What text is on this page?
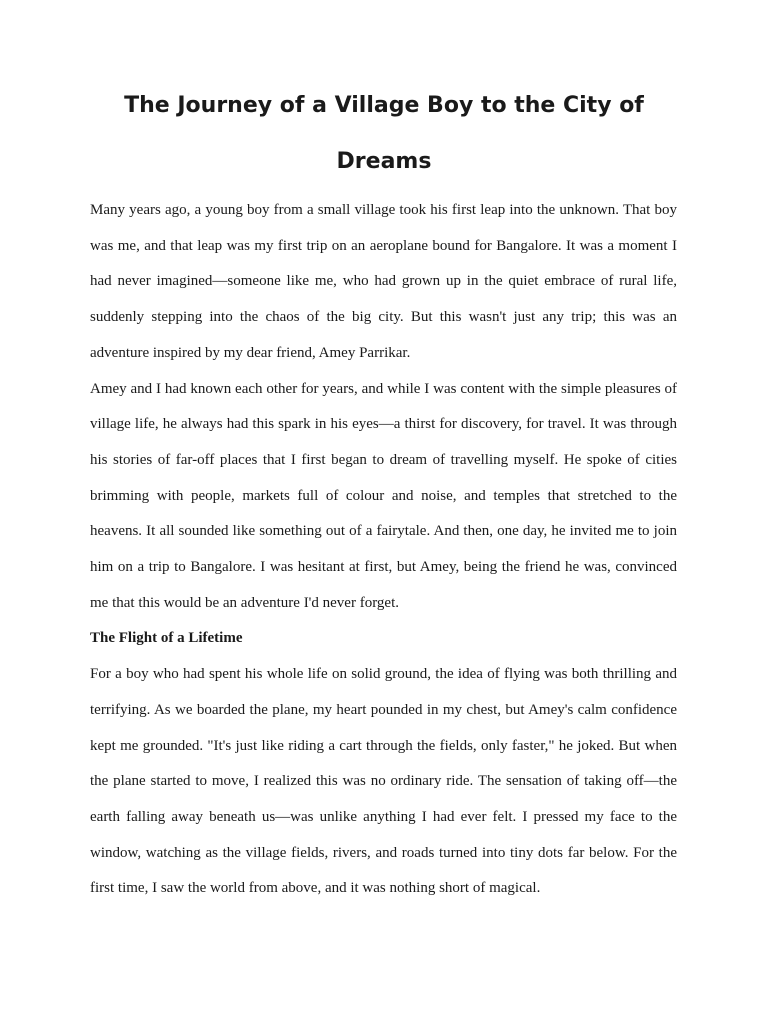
The Journey of a Village Boy to the City of Dreams

Many years ago, a young boy from a small village took his first leap into the unknown. That boy was me, and that leap was my first trip on an aeroplane bound for Bangalore. It was a moment I had never imagined—someone like me, who had grown up in the quiet embrace of rural life, suddenly stepping into the chaos of the big city. But this wasn't just any trip; this was an adventure inspired by my dear friend, Amey Parrikar.

Amey and I had known each other for years, and while I was content with the simple pleasures of village life, he always had this spark in his eyes—a thirst for discovery, for travel. It was through his stories of far-off places that I first began to dream of travelling myself. He spoke of cities brimming with people, markets full of colour and noise, and temples that stretched to the heavens. It all sounded like something out of a fairytale. And then, one day, he invited me to join him on a trip to Bangalore. I was hesitant at first, but Amey, being the friend he was, convinced me that this would be an adventure I'd never forget.

The Flight of a Lifetime

For a boy who had spent his whole life on solid ground, the idea of flying was both thrilling and terrifying. As we boarded the plane, my heart pounded in my chest, but Amey's calm confidence kept me grounded. "It's just like riding a cart through the fields, only faster," he joked. But when the plane started to move, I realized this was no ordinary ride. The sensation of taking off—the earth falling away beneath us—was unlike anything I had ever felt. I pressed my face to the window, watching as the village fields, rivers, and roads turned into tiny dots far below. For the first time, I saw the world from above, and it was nothing short of magical.
